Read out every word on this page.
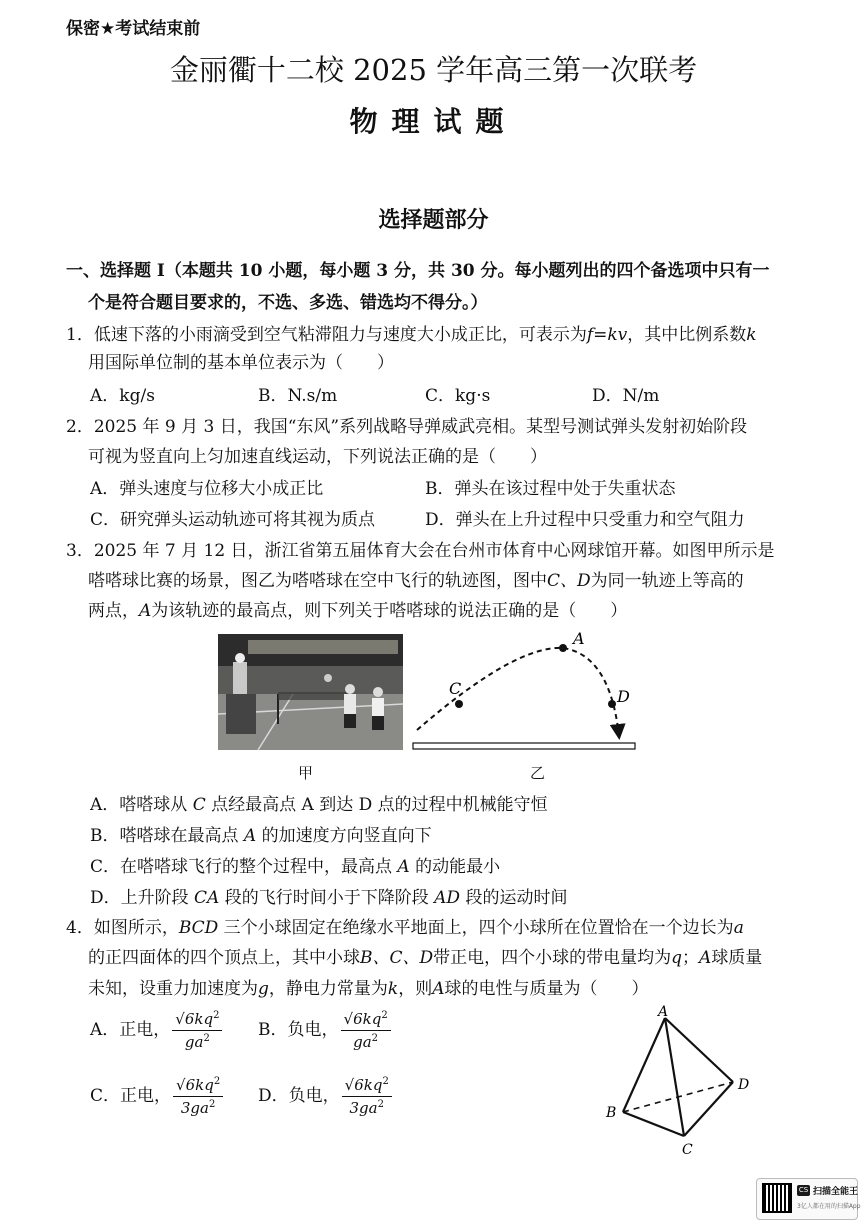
保密★考试结束前
金丽衢十二校 2025 学年高三第一次联考
物理试题
选择题部分
一、选择题 I（本题共 10 小题，每小题 3 分，共 30 分。每小题列出的四个备选项中只有一
个是符合题目要求的，不选、多选、错选均不得分。）
1．低速下落的小雨滴受到空气粘滞阻力与速度大小成正比，可表示为f=kv，其中比例系数k
用国际单位制的基本单位表示为（　　）
A．kg/s	B．N.s/m	C．kg·s	D．N/m
2．2025 年 9 月 3 日，我国“东风”系列战略导弹威武亮相。某型号测试弹头发射初始阶段
可视为竖直向上匀加速直线运动，下列说法正确的是（　　）
A．弹头速度与位移大小成正比	B．弹头在该过程中处于失重状态
C．研究弹头运动轨迹可将其视为质点	D．弹头在上升过程中只受重力和空气阻力
3．2025 年 7 月 12 日，浙江省第五届体育大会在台州市体育中心网球馆开幕。如图甲所示是
嗒嗒球比赛的场景，图乙为嗒嗒球在空中飞行的轨迹图，图中C、D为同一轨迹上等高的
两点，A为该轨迹的最高点，则下列关于嗒嗒球的说法正确的是（　　）
C
A
D
甲	乙
A．嗒嗒球从 C 点经最高点 A 到达 D 点的过程中机械能守恒
B．嗒嗒球在最高点 A 的加速度方向竖直向下
C．在嗒嗒球飞行的整个过程中，最高点 A 的动能最小
D．上升阶段 CA 段的飞行时间小于下降阶段 AD 段的运动时间
4．如图所示，BCD 三个小球固定在绝缘水平地面上，四个小球所在位置恰在一个边长为a
的正四面体的四个顶点上，其中小球B、C、D带正电，四个小球的带电量均为q；A球质量
未知，设重力加速度为g，静电力常量为k，则A球的电性与质量为（　　）
A．正电， $\frac{√6kq^2}{ga^2}$ B．负电， $\frac{√6kq^2}{ga^2}$
C．正电， $\frac{√6kq^2}{3ga^2}$ D．负电， $\frac{√6kq^2}{3ga^2}$
A
B
C
D
CS 扫描全能王
3亿人都在用的扫描App
